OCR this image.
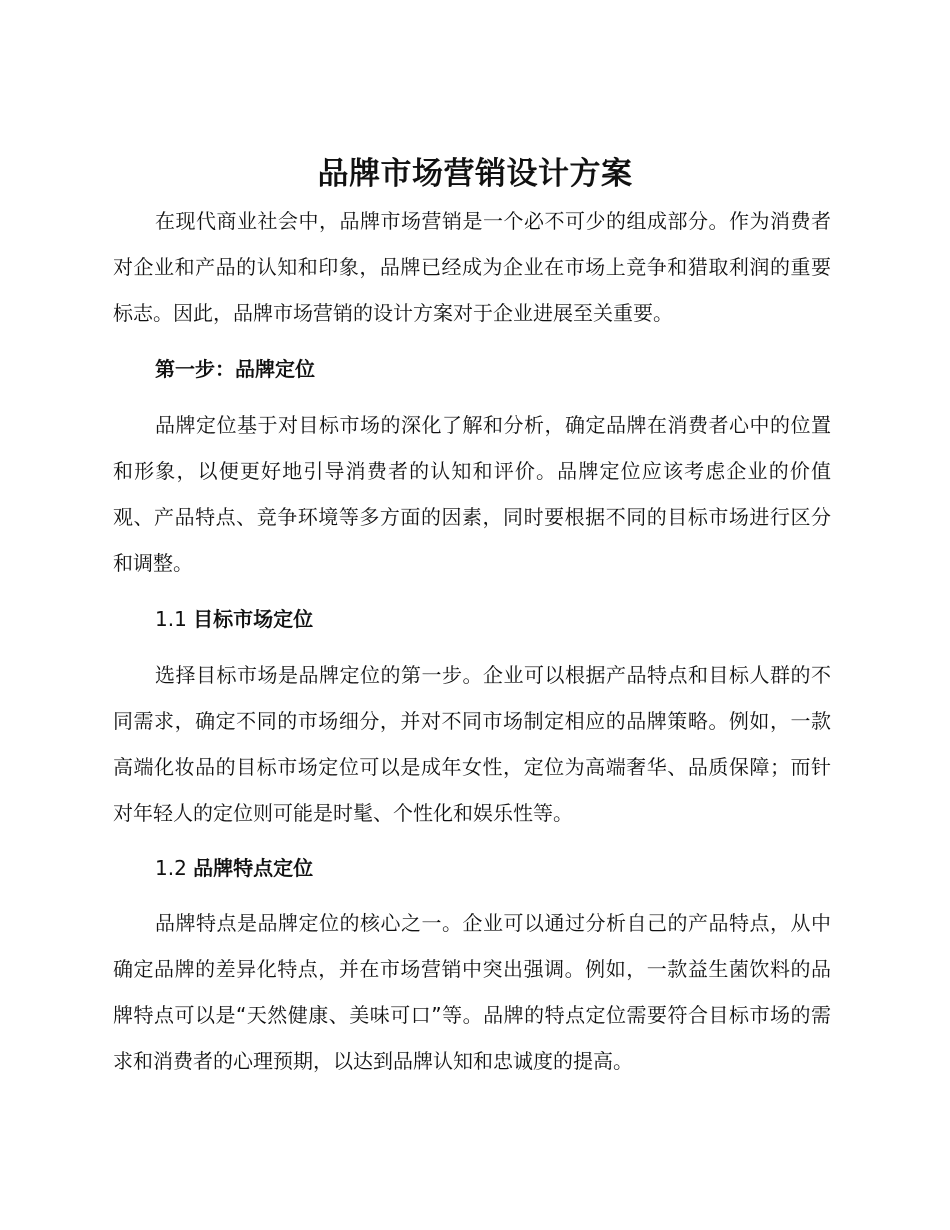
品牌市场营销设计方案

在现代商业社会中，品牌市场营销是一个必不可少的组成部分。作为消费者对企业和产品的认知和印象，品牌已经成为企业在市场上竞争和猎取利润的重要标志。因此，品牌市场营销的设计方案对于企业进展至关重要。

第一步：品牌定位

品牌定位基于对目标市场的深化了解和分析，确定品牌在消费者心中的位置和形象，以便更好地引导消费者的认知和评价。品牌定位应该考虑企业的价值观、产品特点、竞争环境等多方面的因素，同时要根据不同的目标市场进行区分和调整。

1.1 目标市场定位

选择目标市场是品牌定位的第一步。企业可以根据产品特点和目标人群的不同需求，确定不同的市场细分，并对不同市场制定相应的品牌策略。例如，一款高端化妆品的目标市场定位可以是成年女性，定位为高端奢华、品质保障；而针对年轻人的定位则可能是时髦、个性化和娱乐性等。

1.2 品牌特点定位

品牌特点是品牌定位的核心之一。企业可以通过分析自己的产品特点，从中确定品牌的差异化特点，并在市场营销中突出强调。例如，一款益生菌饮料的品牌特点可以是“天然健康、美味可口”等。品牌的特点定位需要符合目标市场的需求和消费者的心理预期，以达到品牌认知和忠诚度的提高。
